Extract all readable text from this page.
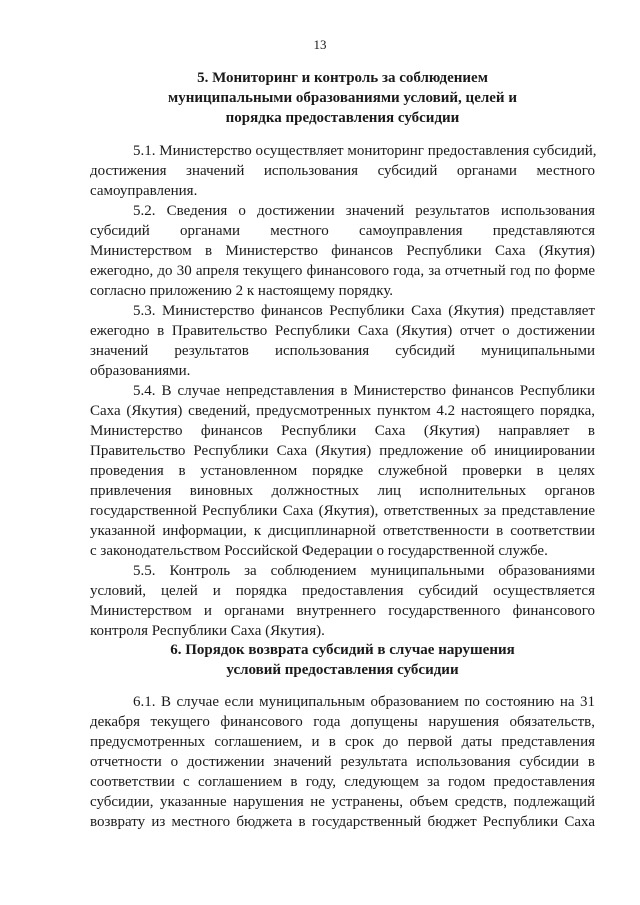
13
5. Мониторинг и контроль за соблюдением
муниципальными образованиями условий, целей и
порядка предоставления субсидии
5.1. Министерство осуществляет мониторинг предоставления субсидий,
достижения значений использования субсидий органами местного
самоуправления.
5.2. Сведения о достижении значений результатов использования
субсидий органами местного самоуправления представляются
Министерством в Министерство финансов Республики Саха (Якутия)
ежегодно, до 30 апреля текущего финансового года, за отчетный год по форме
согласно приложению 2 к настоящему порядку.
5.3. Министерство финансов Республики Саха (Якутия) представляет
ежегодно в Правительство Республики Саха (Якутия) отчет о достижении
значений результатов использования субсидий муниципальными
образованиями.
5.4. В случае непредставления в Министерство финансов Республики
Саха (Якутия) сведений, предусмотренных пунктом 4.2 настоящего порядка,
Министерство финансов Республики Саха (Якутия) направляет в
Правительство Республики Саха (Якутия) предложение об инициировании
проведения в установленном порядке служебной проверки в целях
привлечения виновных должностных лиц исполнительных органов
государственной Республики Саха (Якутия), ответственных за представление
указанной информации, к дисциплинарной ответственности в соответствии
с законодательством Российской Федерации о государственной службе.
5.5. Контроль за соблюдением муниципальными образованиями
условий, целей и порядка предоставления субсидий осуществляется
Министерством и органами внутреннего государственного финансового
контроля Республики Саха (Якутия).
6. Порядок возврата субсидий в случае нарушения
условий предоставления субсидии
6.1. В случае если муниципальным образованием по состоянию на 31
декабря текущего финансового года допущены нарушения обязательств,
предусмотренных соглашением, и в срок до первой даты представления
отчетности о достижении значений результата использования субсидии в
соответствии с соглашением в году, следующем за годом предоставления
субсидии, указанные нарушения не устранены, объем средств, подлежащий
возврату из местного бюджета в государственный бюджет Республики Саха
